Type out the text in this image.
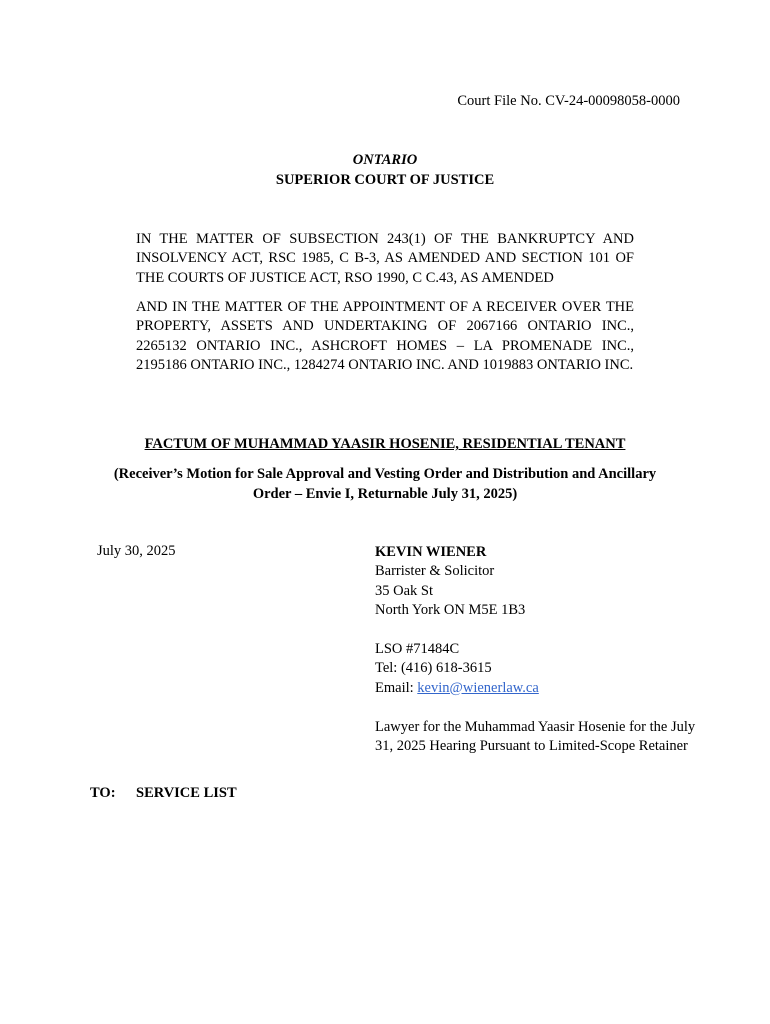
Court File No. CV-24-00098058-0000
ONTARIO
SUPERIOR COURT OF JUSTICE
IN THE MATTER OF SUBSECTION 243(1) OF THE BANKRUPTCY AND INSOLVENCY ACT, RSC 1985, C B-3, AS AMENDED AND SECTION 101 OF THE COURTS OF JUSTICE ACT, RSO 1990, C C.43, AS AMENDED
AND IN THE MATTER OF THE APPOINTMENT OF A RECEIVER OVER THE PROPERTY, ASSETS AND UNDERTAKING OF 2067166 ONTARIO INC., 2265132 ONTARIO INC., ASHCROFT HOMES – LA PROMENADE INC., 2195186 ONTARIO INC., 1284274 ONTARIO INC. AND 1019883 ONTARIO INC.
FACTUM OF MUHAMMAD YAASIR HOSENIE, RESIDENTIAL TENANT
(Receiver’s Motion for Sale Approval and Vesting Order and Distribution and Ancillary
Order – Envie I, Returnable July 31, 2025)
July 30, 2025	KEVIN WIENER
Barrister & Solicitor
35 Oak St
North York ON M5E 1B3
LSO #71484C
Tel: (416) 618-3615
Email: kevin@wienerlaw.ca
Lawyer for the Muhammad Yaasir Hosenie for the July
31, 2025 Hearing Pursuant to Limited-Scope Retainer
TO: SERVICE LIST
